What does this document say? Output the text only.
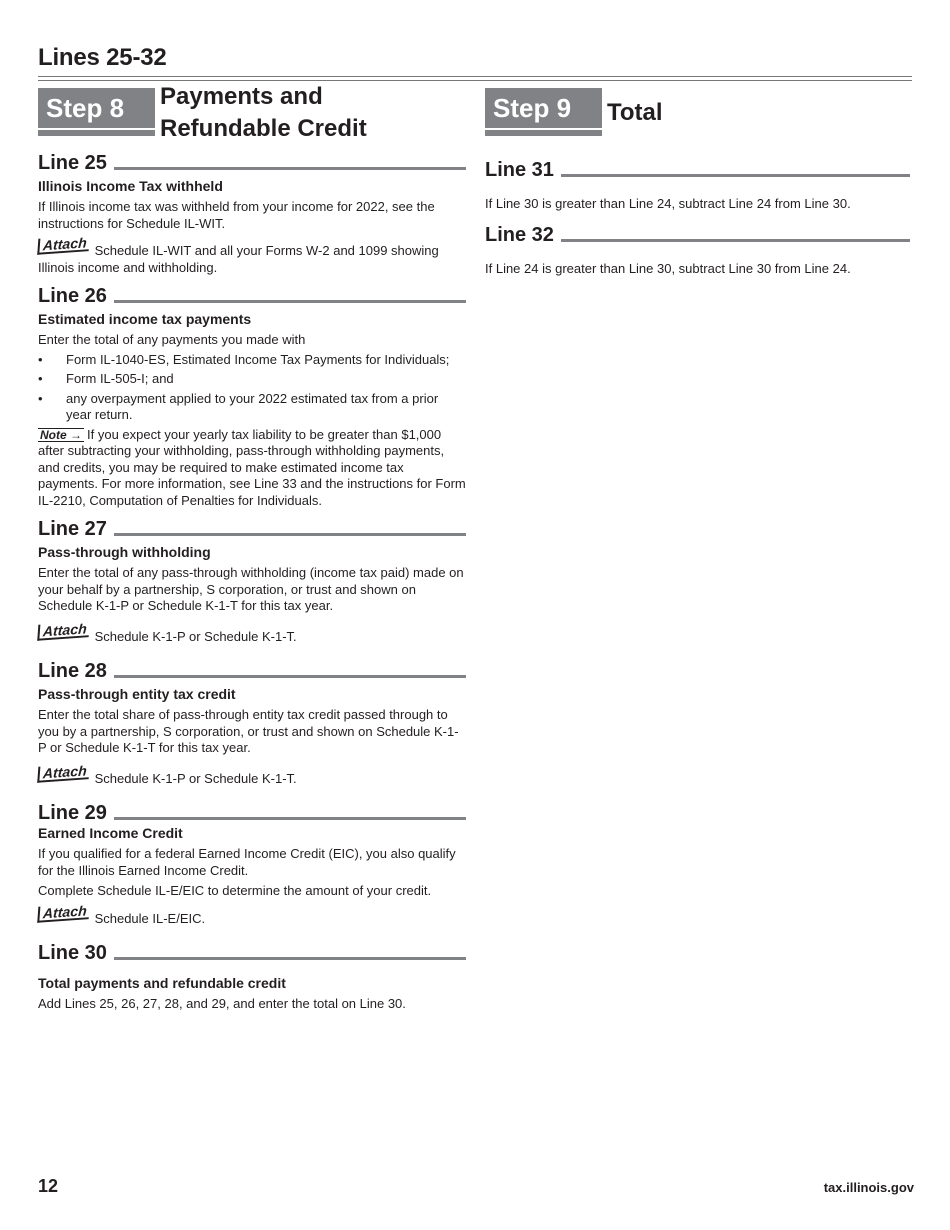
Lines 25-32
Step 8	Payments and
Refundable Credit
Step 9	Total
Line 25
Illinois Income Tax withheld

If Illinois income tax was withheld from your income for 2022, see the instructions for Schedule IL-WIT.

Attach Schedule IL-WIT and all your Forms W-2 and 1099 showing Illinois income and withholding.
Line 26
Estimated income tax payments

Enter the total of any payments you made with

• Form IL-1040-ES, Estimated Income Tax Payments for Individuals;
• Form IL-505-I; and
• any overpayment applied to your 2022 estimated tax from a prior year return.

Note → If you expect your yearly tax liability to be greater than $1,000 after subtracting your withholding, pass-through withholding payments, and credits, you may be required to make estimated income tax payments. For more information, see Line 33 and the instructions for Form IL-2210, Computation of Penalties for Individuals.

Line 27
Pass-through withholding

Enter the total of any pass-through withholding (income tax paid) made on your behalf by a partnership, S corporation, or trust and shown on Schedule K-1-P or Schedule K-1-T for this tax year.

Attach Schedule K-1-P or Schedule K-1-T.
Line 28
Pass-through entity tax credit

Enter the total share of pass-through entity tax credit passed through to you by a partnership, S corporation, or trust and shown on Schedule K-1-P or Schedule K-1-T for this tax year.

Attach Schedule K-1-P or Schedule K-1-T.
Line 29
Earned Income Credit

If you qualified for a federal Earned Income Credit (EIC), you also qualify for the Illinois Earned Income Credit.

Complete Schedule IL-E/EIC to determine the amount of your credit.

Attach Schedule IL-E/EIC.
Line 30
Total payments and refundable credit

Add Lines 25, 26, 27, 28, and 29, and enter the total on Line 30.

Line 31

If Line 30 is greater than Line 24, subtract Line 24 from Line 30.

Line 32

If Line 24 is greater than Line 30, subtract Line 30 from Line 24.

12	tax.illinois.gov
